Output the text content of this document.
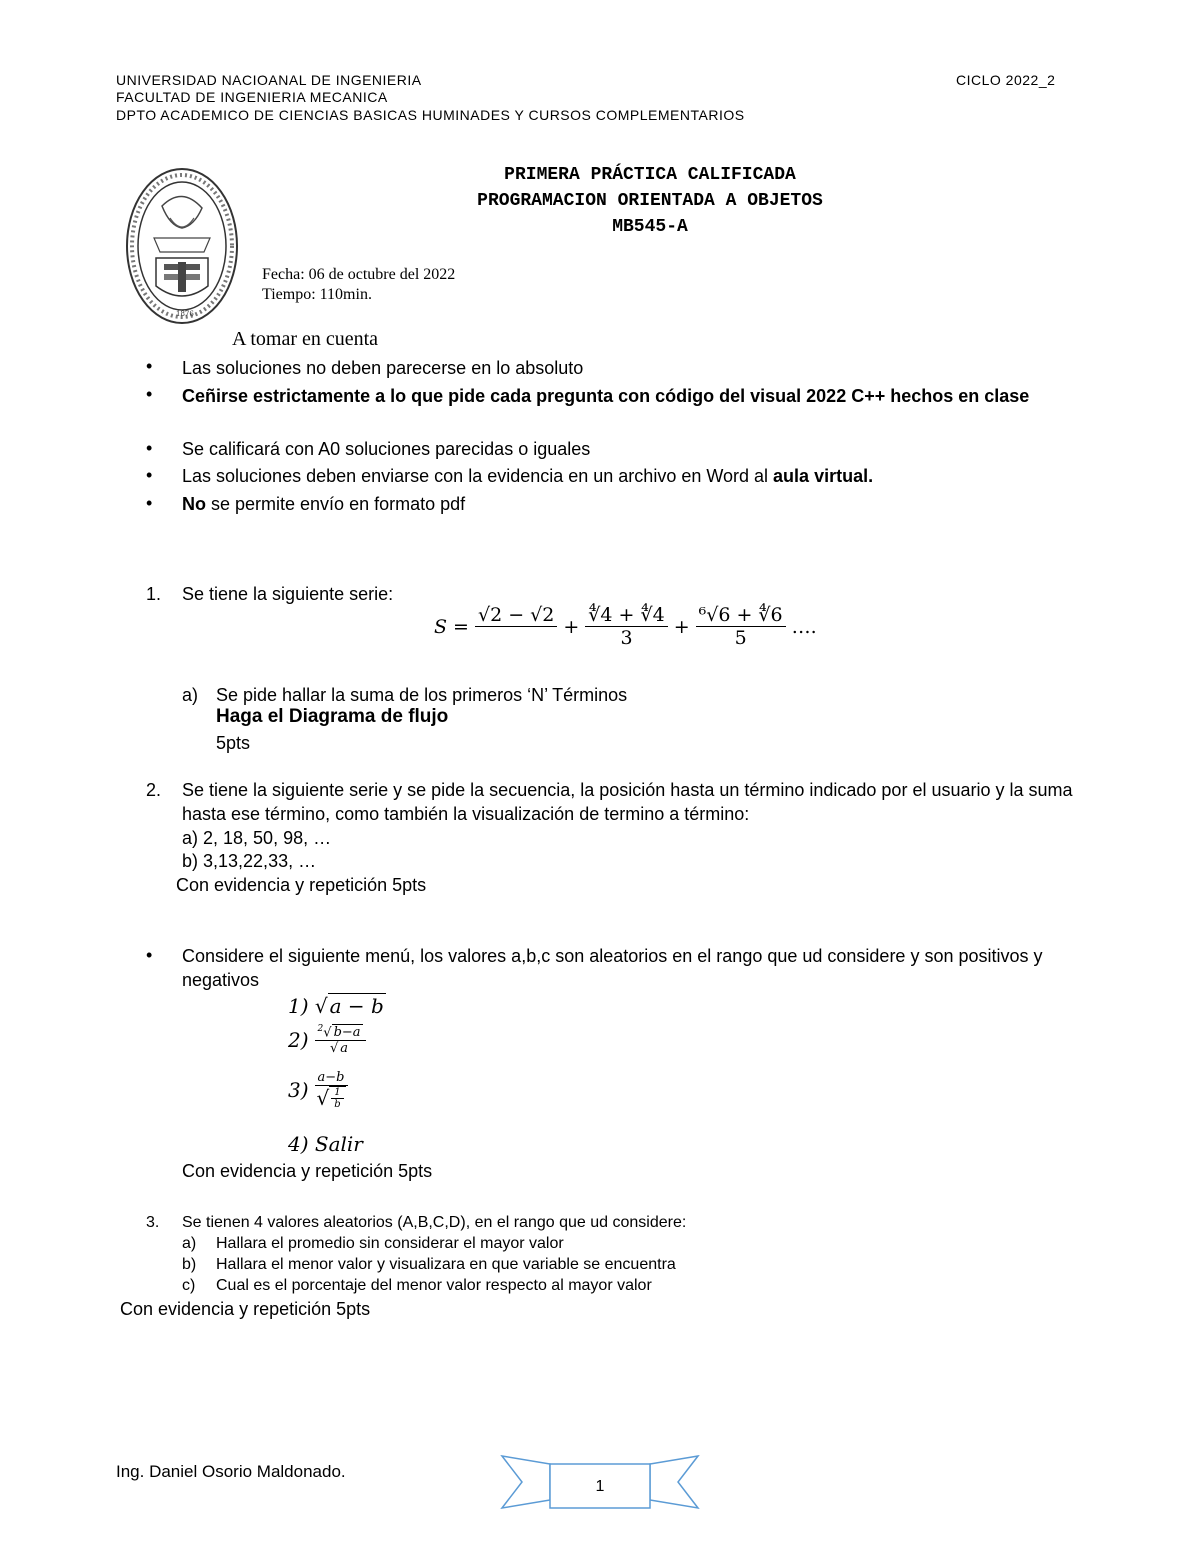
UNIVERSIDAD NACIOANAL DE INGENIERIA	CICLO 2022_2
FACULTAD DE INGENIERIA MECANICA
DPTO ACADEMICO DE CIENCIAS BASICAS HUMINADES Y CURSOS COMPLEMENTARIOS
1876
PRIMERA PRÁCTICA CALIFICADA
PROGRAMACION ORIENTADA A OBJETOS
MB545-A
Fecha: 06 de octubre del 2022
Tiempo: 110min.
A tomar en cuenta
• Las soluciones no deben parecerse en lo absoluto
• Ceñirse estrictamente a lo que pide cada pregunta con código del visual 2022 C++ hechos en clase
• Se calificará con A0 soluciones parecidas o iguales
• Las soluciones deben enviarse con la evidencia en un archivo en Word al aula virtual.
• No se permite envío en formato pdf
1. Se tiene la siguiente serie:
S =
√2 − √2
+ $\frac{∜4 + ∜4}{3} + \frac{\text{⁶√6 + ∜6}}{5}$ ….
a) Se pide hallar la suma de los primeros ‘N’ Términos
Haga el Diagrama de flujo
5pts
2. Se tiene la siguiente serie y se pide la secuencia, la posición hasta un término indicado por el usuario y la suma hasta ese término, como también la visualización de termino a término:
a) 2, 18, 50, 98, …
b) 3,13,22,33, …
Con evidencia y repetición 5pts
• Considere el siguiente menú, los valores a,b,c son aleatorios en el rango que ud considere y son positivos y negativos
1) √ a − b
$2) \frac{^2√ b-a}{√ a}$
$3) \frac{a-b}{√ \frac{1}{b}}$
4) Salir
Con evidencia y repetición 5pts
3. Se tienen 4 valores aleatorios (A,B,C,D), en el rango que ud considere:
a) Hallara el promedio sin considerar el mayor valor
b) Hallara el menor valor y visualizara en que variable se encuentra
c) Cual es el porcentaje del menor valor respecto al mayor valor
Con evidencia y repetición 5pts
Ing. Daniel Osorio Maldonado.
1
